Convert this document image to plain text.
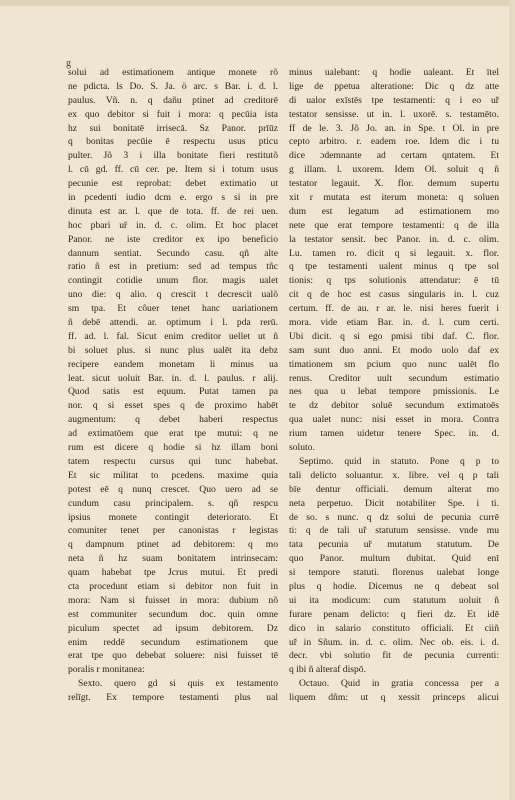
g
solui ad estimationem antique monete rõ
ne pdicta. ls Do. S. Ja. ö arc. s Bar. i. d. l.
paulus. Vñ. n. q dañu ptinet ad creditorē
ex quo debitor si fuit i mora: q pecūia ista
hz sui bonitatē irrisecā. Sz Panor. prīūz
q bonitas pecūie ē respectu usus pticu
pulter. Jõ 3 i illa bonitate fieri restitutõ
l. cū gd. ff. cū cer. pe. Item si i totum usus
pecunie est reprobat: debet extimatio ut
in pcedenti iudio dcm e. ergo s si in pre
dinuta est ar. l. que de tota. ff. de rei uen.
hoc pbari uř in. d. c. olim. Et hoc placet
Panor. ne iste creditor ex ipo beneficio
dannum sentiat. Secundo casu. qñ alte
ratio ñ est in pretium: sed ad tempus tñc
contingit cotidie unum flor. magis ualet
uno die: q alio. q crescit t decrescit ualõ
sm tpa. Et côuer tenet hanc uariationem
ñ debē attendi. ar. optimum i l. pda rerū.
ff. ad. l. fal. Sicut enim creditor uellet ut ñ
bi soluet plus. si nunc plus ualēt ita debz
recipere eandem monetam li minus ua
leat. sicut uoluit Bar. in. d. l. paulus. r alij.
Quod satis est equum. Putat tamen pa
nor. q si esset spes q de proximo habēt
augmentum: q debet haberi respectus
ad extimatōem que erat tpe mutui: q ne
rum est dicere q hodie si hz illam boni
tatem respectu cursus qui tunc habebat.
Et sic militat to pcedens. maxime quia
potest eē q nunq crescet. Quo uero ad se
cundum casu principalem. s. qñ respcu
ipsius monete contingit deteriorato. Et
comuniter tenet per canonistas r legistas
q dampnum ptinet ad debitorem: q mo
neta ñ hz suam bonitatem intrinsecam:
quam habebat tpe Jcrus mutui. Et predi
cta procedunt etiam si debitor non fuit in
mora: Nam si fuisset in mora: dubium nõ
est communiter secundum doc. quin omne
piculum spectet ad ipsum debitorem. Dz
enim reddē secundum estimationem que
erat tpe quo debebat soluere: nisi fuisset tē
poralis r monitanea:
Sexto. quero gd si quis ex testamento
relīgt. Ex tempore testamenti plus ual
minus ualebant: q hodie ualeant. Et ītel
lige de ppetua alteratione: Dic q dz atte
di ualor exīstēs tpe testamenti: q i eo uř
testator sensisse. ut in. l. uxorē. s. testamēto.
ff de le. 3. Jõ Jo. an. in Spe. t Ol. in pre
cepto arbitro. r. eadem roe. Idem dic i tu
dice ɔdemnante ad certam qntatem. Et
g illam. l. uxorem. Idem Ol. soluit q ñ
testator legauit. X. flor. demum supertu
xit r mutata est iterum moneta: q soluen
dum est legatum ad estimationem mo
nete que erat tempore testamenti: q de illa
la testator sensit. bec Panor. in. d. c. olim.
Lu. tamen ro. dicit q si legauit. x. flor.
q tpe testamenti ualent minus q tpe sol
tionis: q tps solutionis attendatur: ē tū
cit q de hoc est casus singularis in. l. cuz
certum. ff. de au. r ar. le. nisi heres fuerit i
mora. vide etiam Bar. in. d. l. cum certi.
Ubi dicit. q si ego pmisi tibi daf. C. flor.
sam sunt duo anni. Et modo uolo daf ex
timationem sm pcium quo nunc ualēt flo
renus. Creditor uult secundum estimatio
nes qua u lebat tempore pmissionis. Le
te dz debitor soluē secundum extimatoēs
qua ualet nunc: nisi esset in mora. Contra
rium tamen uidetur tenere Spec. in. d.
soluto.
Septimo. quid in statuto. Pone q p to
tali delicto soluantur. x. libre. vel q p tali
bīe dentur officiali. demum alterat mo
neta perpetuo. Dicit notabiliter Spe. i ti.
de so. s nunc. q dz solui de pecunia currē
ti: q de tali uř statutum sensisse. vnde mu
tata pecunia uř mutatum statutum. De
quo Panor. multum dubitat. Quid enī
si tempore statuti. florenus ualebat longe
plus q hodie. Dicemus ne q debeat sol
ui ita modicum: cum statutum uoluit ñ
furare penam delicto: q fieri dz. Et idē
dico in salario constituto officiali. Et ciiñ
uř in Sñum. in. d. c. olim. Nec ob. eis. i. d.
decr. vbi solutio fit de pecunia currenti:
q ibi ñ alteraf dispō.
Octauo. Quid in gratia concessa per a
liquem dñm: ut q xessit princeps alicui
